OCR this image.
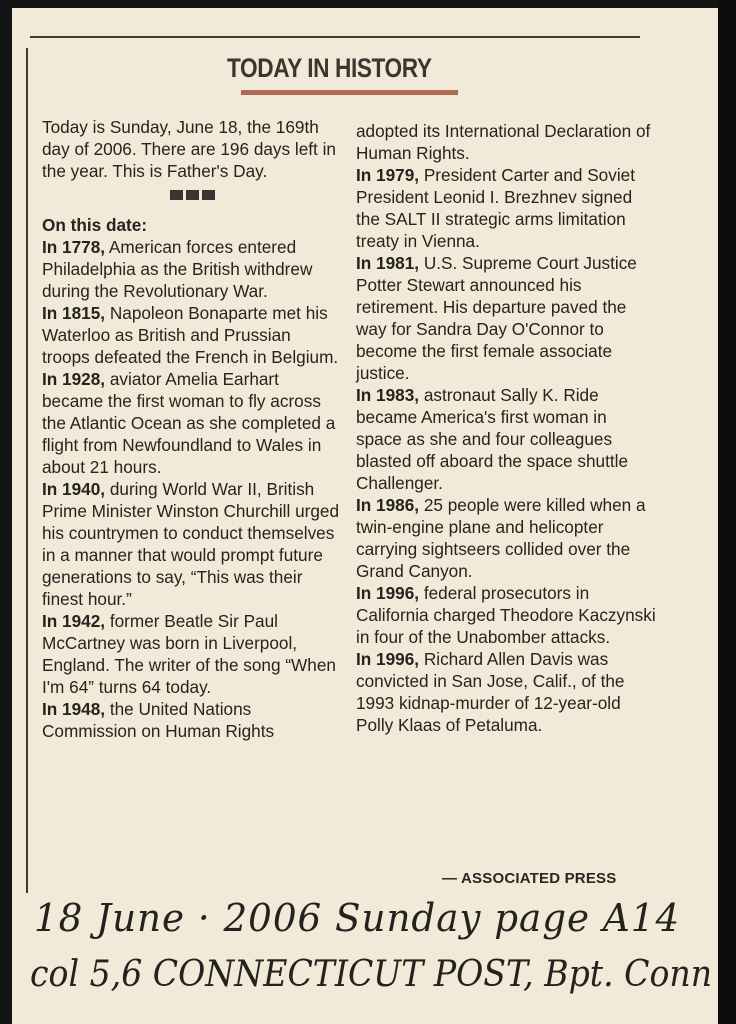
TODAY IN HISTORY

Today is Sunday, June 18, the 169th day of 2006. There are 196 days left in the year. This is Father's Day.

On this date:

In 1778, American forces entered Philadelphia as the British withdrew during the Revolutionary War.

In 1815, Napoleon Bonaparte met his Waterloo as British and Prussian troops defeated the French in Belgium.

In 1928, aviator Amelia Earhart became the first woman to fly across the Atlantic Ocean as she completed a flight from Newfoundland to Wales in about 21 hours.

In 1940, during World War II, British Prime Minister Winston Churchill urged his countrymen to conduct themselves in a manner that would prompt future generations to say, “This was their finest hour.”

In 1942, former Beatle Sir Paul McCartney was born in Liverpool, England. The writer of the song “When I'm 64” turns 64 today.

In 1948, the United Nations Commission on Human Rights

adopted its International Declaration of Human Rights.

In 1979, President Carter and Soviet President Leonid I. Brezhnev signed the SALT II strategic arms limitation treaty in Vienna.

In 1981, U.S. Supreme Court Justice Potter Stewart announced his retirement. His departure paved the way for Sandra Day O'Connor to become the first female associate justice.

In 1983, astronaut Sally K. Ride became America's first woman in space as she and four colleagues blasted off aboard the space shuttle Challenger.

In 1986, 25 people were killed when a twin-engine plane and helicopter carrying sightseers collided over the Grand Canyon.

In 1996, federal prosecutors in California charged Theodore Kaczynski in four of the Unabomber attacks.

In 1996, Richard Allen Davis was convicted in San Jose, Calif., of the 1993 kidnap-murder of 12-year-old Polly Klaas of Petaluma.

— ASSOCIATED PRESS
18 June · 2006 Sunday page A14
col 5,6 CONNECTICUT POST, Bpt. Conn
